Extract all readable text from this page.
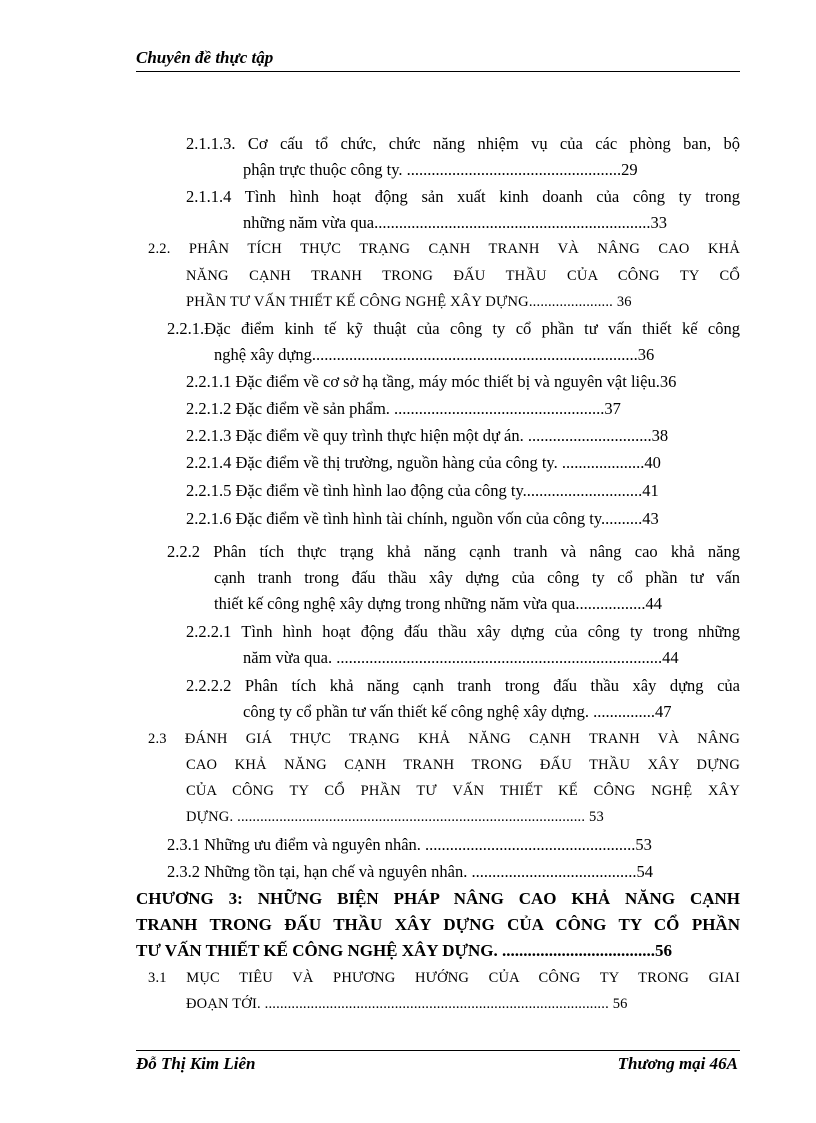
Chuyên đề thực tập
2.1.1.3. Cơ cấu tổ chức, chức năng nhiệm vụ của các phòng ban, bộ
phận trực thuộc công ty. ....................................................29
2.1.1.4 Tình hình hoạt động sản xuất kinh doanh của công ty trong
những năm vừa qua...................................................................33
2.2. PHÂN TÍCH THỰC TRẠNG CẠNH TRANH VÀ NÂNG CAO KHẢ
NĂNG CẠNH TRANH TRONG ĐẤU THẦU CỦA CÔNG TY CỔ
PHẦN TƯ VẤN THIẾT KẾ CÔNG NGHỆ XÂY DỰNG...................... 36
2.2.1.Đặc điểm kinh tế kỹ thuật của công ty cổ phần tư vấn thiết kế công
nghệ xây dựng...............................................................................36
2.2.1.1 Đặc điểm về cơ sở hạ tầng, máy móc thiết bị và nguyên vật liệu.36
2.2.1.2 Đặc điểm về sản phẩm. ...................................................37
2.2.1.3 Đặc điểm về quy trình thực hiện một dự án. ..............................38
2.2.1.4 Đặc điểm về thị trường, nguồn hàng của công ty. ....................40
2.2.1.5 Đặc điểm về tình hình lao động của công ty.............................41
2.2.1.6 Đặc điểm về tình hình tài chính, nguồn vốn của công ty..........43
2.2.2 Phân tích thực trạng khả năng cạnh tranh và nâng cao khả năng
cạnh tranh trong đấu thầu xây dựng của công ty cổ phần tư vấn
thiết kế công nghệ xây dựng trong những năm vừa qua.................44
2.2.2.1 Tình hình hoạt động đấu thầu xây dựng của công ty trong những
năm vừa qua. ...............................................................................44
2.2.2.2 Phân tích khả năng cạnh tranh trong đấu thầu xây dựng của
công ty cổ phần tư vấn thiết kế công nghệ xây dựng. ...............47
2.3 ĐÁNH GIÁ THỰC TRẠNG KHẢ NĂNG CẠNH TRANH VÀ NÂNG
CAO KHẢ NĂNG CẠNH TRANH TRONG ĐẤU THẦU XÂY DỰNG
CỦA CÔNG TY CỔ PHẦN TƯ VẤN THIẾT KẾ CÔNG NGHỆ XÂY
DỰNG. ........................................................................................... 53
2.3.1 Những ưu điểm và nguyên nhân. ...................................................53
2.3.2 Những tồn tại, hạn chế và nguyên nhân. ........................................54
CHƯƠNG 3: NHỮNG BIỆN PHÁP NÂNG CAO KHẢ NĂNG CẠNH
TRANH TRONG ĐẤU THẦU XÂY DỰNG CỦA CÔNG TY CỔ PHẦN
TƯ VẤN THIẾT KẾ CÔNG NGHỆ XÂY DỰNG. ....................................56
3.1 MỤC TIÊU VÀ PHƯƠNG HƯỚNG CỦA CÔNG TY TRONG GIAI
ĐOẠN TỚI. .......................................................................................... 56
Đỗ Thị Kim Liên	Thương mại 46A
